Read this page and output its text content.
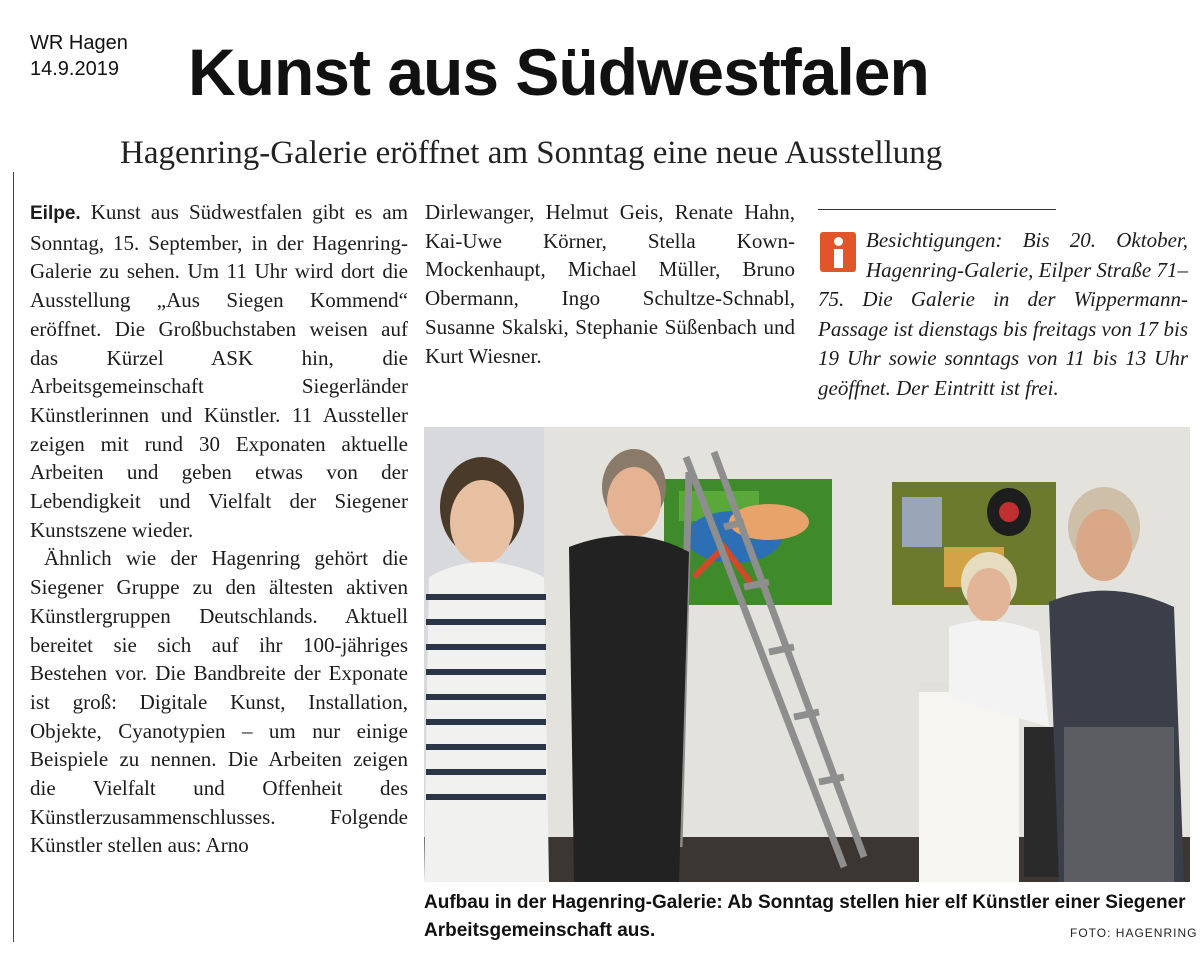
WR Hagen
14.9.2019 Kunst aus Südwestfalen
Hagenring-Galerie eröffnet am Sonntag eine neue Ausstellung

Eilpe. Kunst aus Südwestfalen gibt es am Sonntag, 15. September, in der Hagenring-Galerie zu sehen. Um 11 Uhr wird dort die Ausstellung „Aus Siegen Kommend“ eröffnet. Die Großbuchstaben weisen auf das Kürzel ASK hin, die Arbeitsgemeinschaft Siegerländer Künstlerinnen und Künstler. 11 Aussteller zeigen mit rund 30 Exponaten aktuelle Arbeiten und geben etwas von der Lebendigkeit und Vielfalt der Siegener Kunstszene wieder.

Ähnlich wie der Hagenring gehört die Siegener Gruppe zu den ältesten aktiven Künstlergruppen Deutschlands. Aktuell bereitet sie sich auf ihr 100-jähriges Bestehen vor. Die Bandbreite der Exponate ist groß: Digitale Kunst, Installation, Objekte, Cyanotypien – um nur einige Beispiele zu nennen. Die Arbeiten zeigen die Vielfalt und Offenheit des Künstlerzusammenschlusses. Folgende Künstler stellen aus: Arno

Dirlewanger, Helmut Geis, Renate Hahn, Kai-Uwe Körner, Stella Kown-Mockenhaupt, Michael Müller, Bruno Obermann, Ingo Schultze-Schnabl, Susanne Skalski, Stephanie Süßenbach und Kurt Wiesner.
Besichtigungen: Bis 20. Oktober, Hagenring-Galerie, Eilper Straße 71–75. Die Galerie in der Wippermann-Passage ist dienstags bis freitags von 17 bis 19 Uhr sowie sonntags von 11 bis 13 Uhr geöffnet. Der Eintritt ist frei.
Aufbau in der Hagenring-Galerie: Ab Sonntag stellen hier elf Künstler einer Siegener Arbeitsgemeinschaft aus.	FOTO: HAGENRING
